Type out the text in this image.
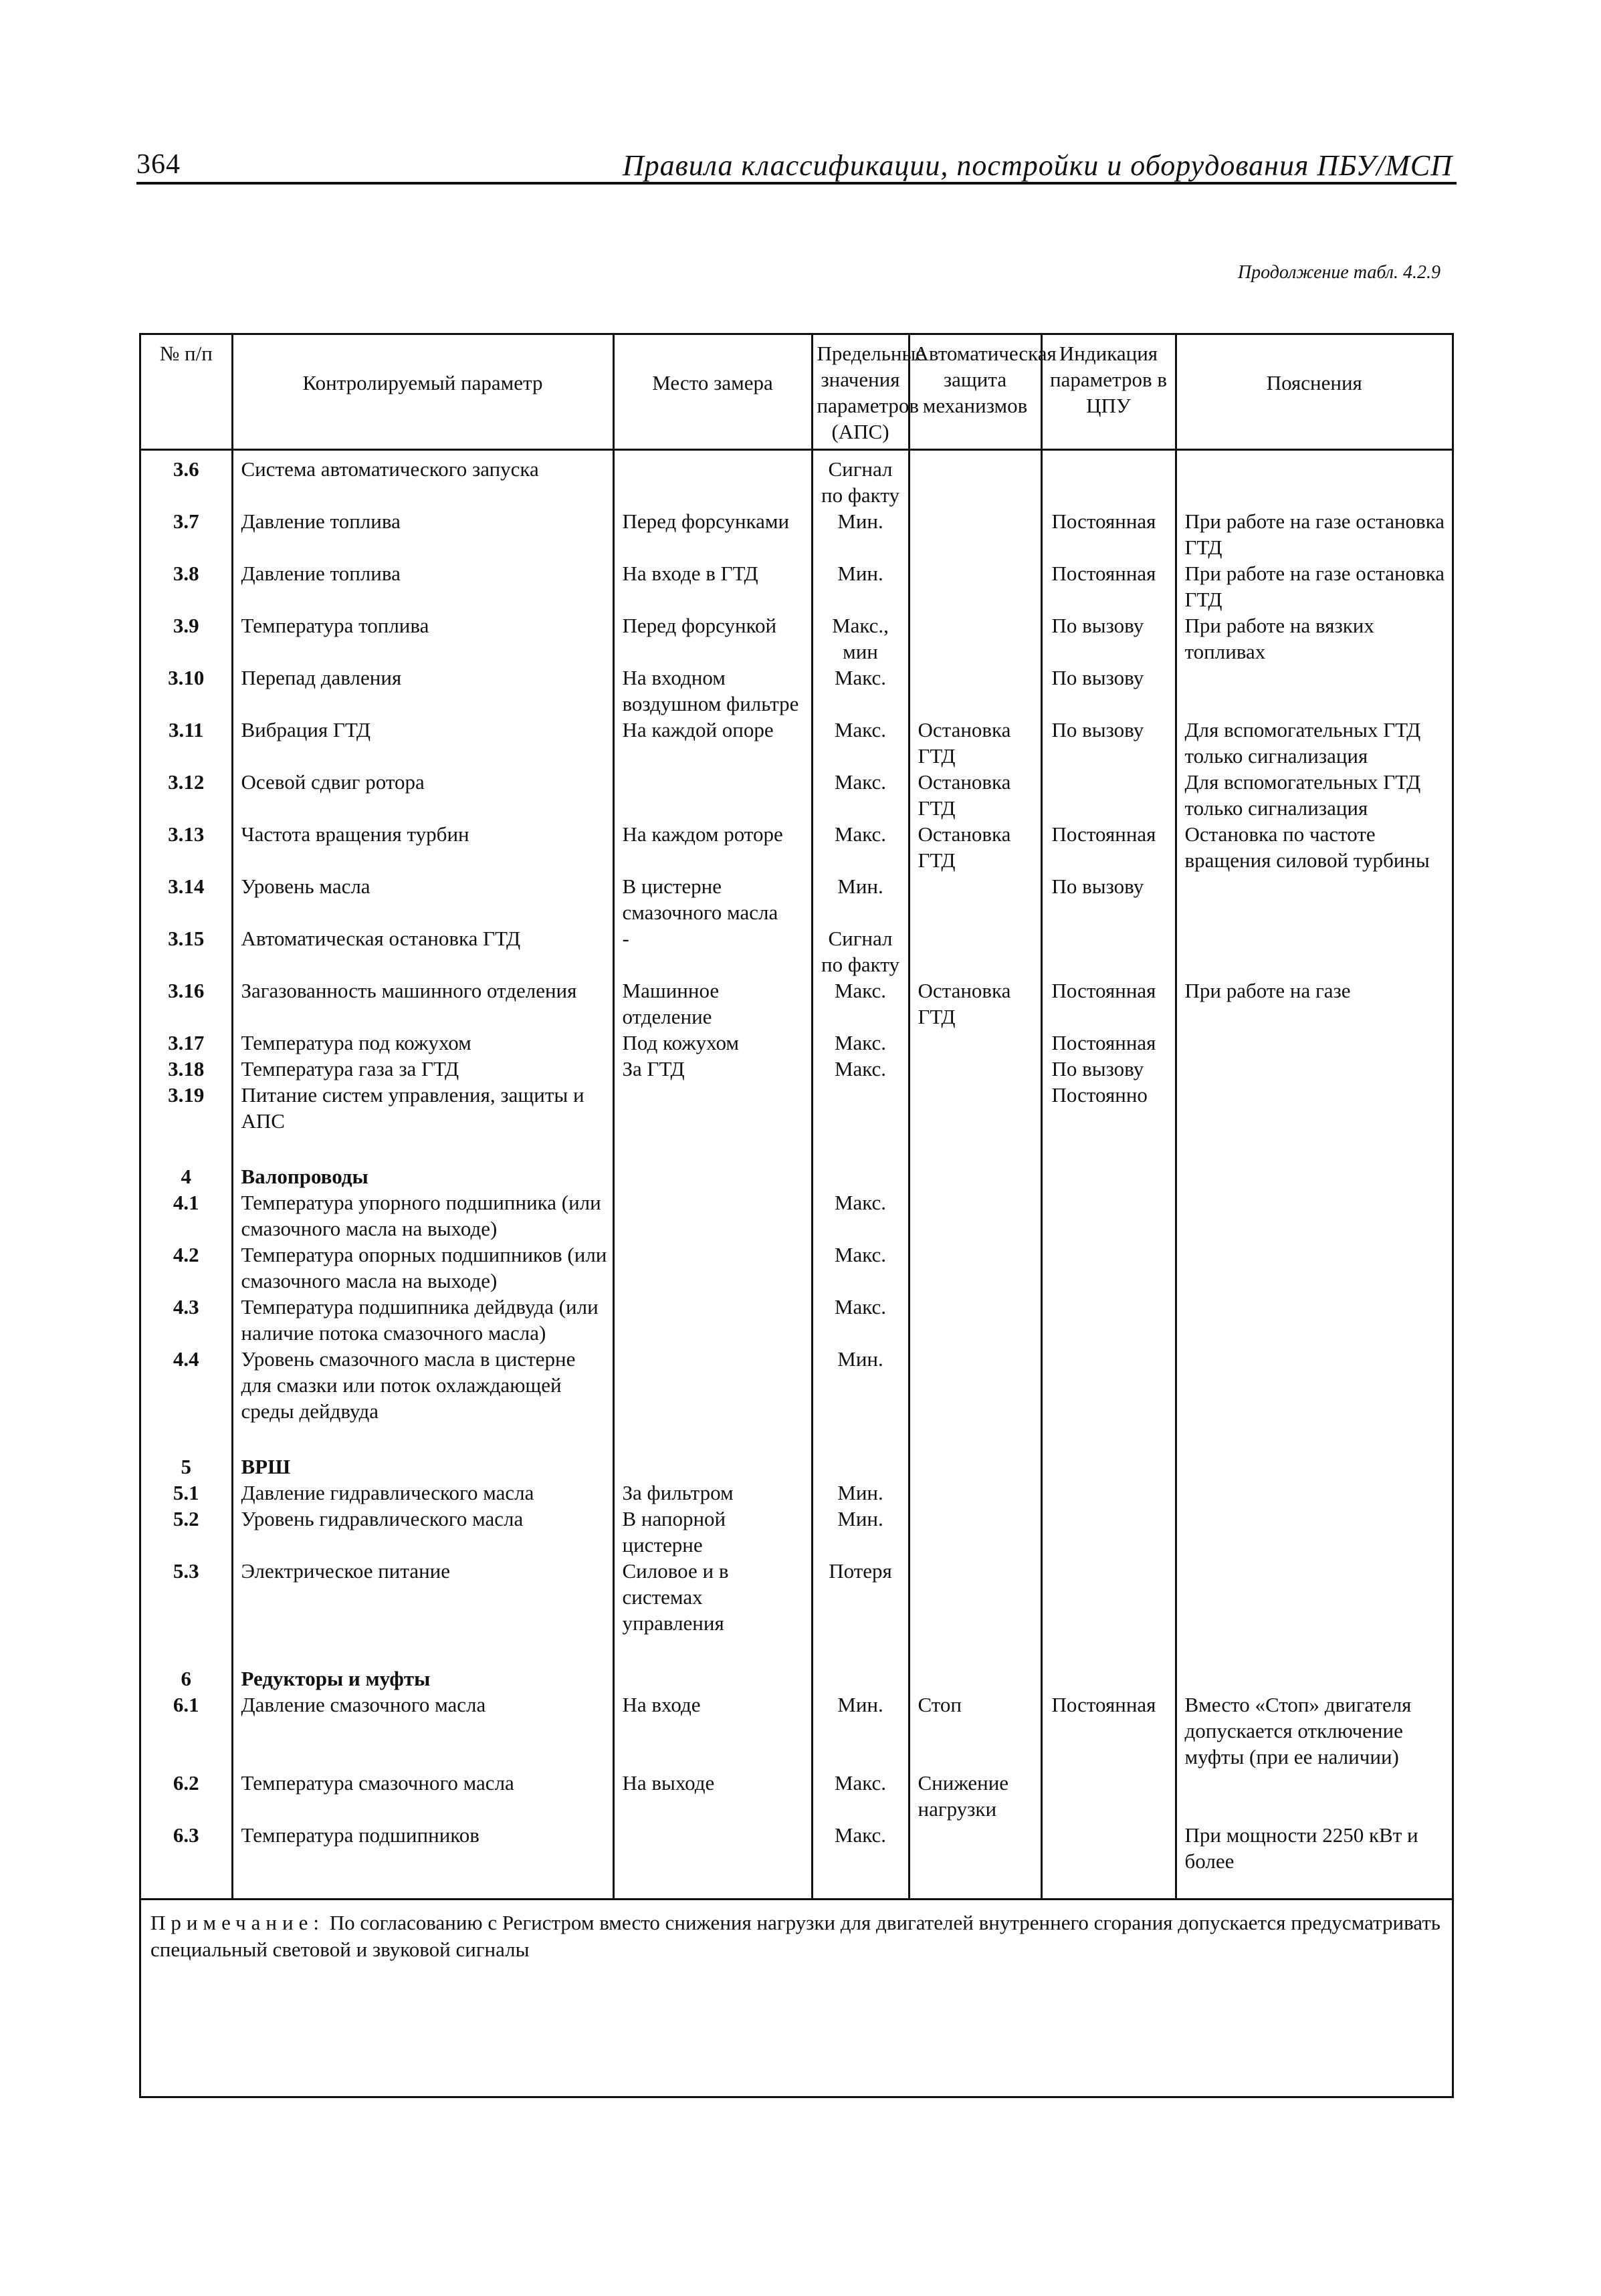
364	Правила классификации, постройки и оборудования ПБУ/МСП
Продолжение табл. 4.2.9
№ п/п	Контролируемый параметр	Место замера	Предельные значения параметров (АПС)	Автоматическая защита механизмов	Индикация параметров в ЦПУ	Пояснения
3.6	Система автоматического запуска		Сигнал по факту			
3.7	Давление топлива	Перед форсунками	Мин.		Постоянная	При работе на газе остановка ГТД
3.8	Давление топлива	На входе в ГТД	Мин.		Постоянная	При работе на газе остановка ГТД
3.9	Температура топлива	Перед форсункой	Макс., мин		По вызову	При работе на вязких топливах
3.10	Перепад давления	На входном воздушном фильтре	Макс.		По вызову	
3.11	Вибрация ГТД	На каждой опоре	Макс.	Остановка ГТД	По вызову	Для вспомогательных ГТД только сигнализация
3.12	Осевой сдвиг ротора		Макс.	Остановка ГТД		Для вспомогательных ГТД только сигнализация
3.13	Частота вращения турбин	На каждом роторе	Макс.	Остановка ГТД	Постоянная	Остановка по частоте вращения силовой турбины
3.14	Уровень масла	В цистерне смазочного масла	Мин.		По вызову	
3.15	Автоматическая остановка ГТД	-	Сигнал по факту			
3.16	Загазованность машинного отделения	Машинное отделение	Макс.	Остановка ГТД	Постоянная	При работе на газе
3.17	Температура под кожухом	Под кожухом	Макс.		Постоянная	
3.18	Температура газа за ГТД	За ГТД	Макс.		По вызову	
3.19	Питание систем управления, защиты и АПС				Постоянно	

4	Валопроводы					
4.1	Температура упорного подшипника (или смазочного масла на выходе)		Макс.			
4.2	Температура опорных подшипников (или смазочного масла на выходе)		Макс.			
4.3	Температура подшипника дейдвуда (или наличие потока смазочного масла)		Макс.			
4.4	Уровень смазочного масла в цистерне для смазки или поток охлаждающей среды дейдвуда		Мин.			

5	ВРШ					
5.1	Давление гидравлического масла	За фильтром	Мин.			
5.2	Уровень гидравлического масла	В напорной цистерне	Мин.			
5.3	Электрическое питание	Силовое и в системах управления	Потеря			

6	Редукторы и муфты					
6.1	Давление смазочного масла	На входе	Мин.	Стоп	Постоянная	Вместо «Стоп» двигателя допускается отключение муфты (при ее наличии)
6.2	Температура смазочного масла	На выходе	Макс.	Снижение нагрузки		
6.3	Температура подшипников		Макс.			При мощности 2250 кВт и более

Примечание: По согласованию с Регистром вместо снижения нагрузки для двигателей внутреннего сгорания допускается предусматривать специальный световой и звуковой сигналы
